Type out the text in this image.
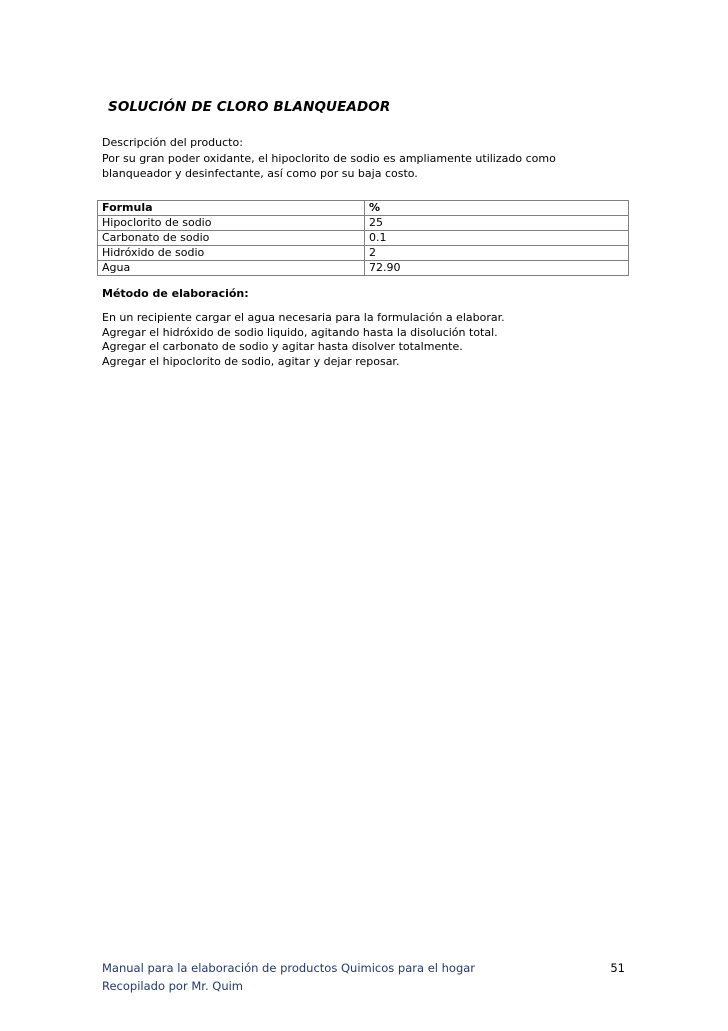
SOLUCIÓN DE CLORO BLANQUEADOR
Descripción del producto:
Por su gran poder oxidante, el hipoclorito de sodio es ampliamente utilizado como
blanqueador y desinfectante, así como por su baja costo.
Formula	%
Hipoclorito de sodio	25
Carbonato de sodio	0.1
Hidróxido de sodio	2
Agua	72.90
Método de elaboración:
En un recipiente cargar el agua necesaria para la formulación a elaborar.
Agregar el hidróxido de sodio liquido, agitando hasta la disolución total.
Agregar el carbonato de sodio y agitar hasta disolver totalmente.
Agregar el hipoclorito de sodio, agitar y dejar reposar.
Manual para la elaboración de productos Quimicos para el hogar	51
Recopilado por Mr. Quim
